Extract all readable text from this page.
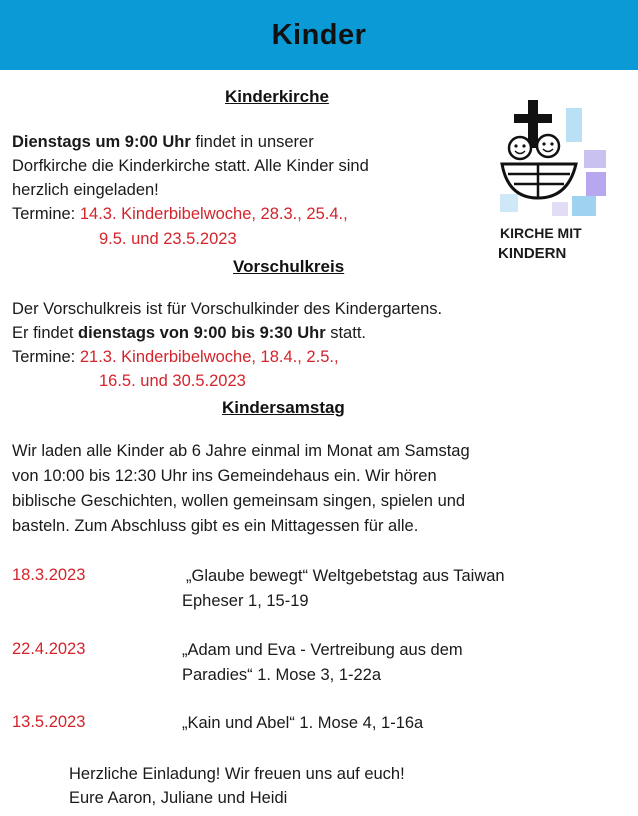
Kinder
Kinderkirche
Dienstags um 9:00 Uhr findet in unserer
Dorfkirche die Kinderkirche statt. Alle Kinder sind
herzlich eingeladen!
Termine: 14.3. Kinderbibelwoche, 28.3., 25.4.,
9.5. und 23.5.2023	KIRCHE MIT
KINDERN
Vorschulkreis
Der Vorschulkreis ist für Vorschulkinder des Kindergartens.
Er findet dienstags von 9:00 bis 9:30 Uhr statt.
Termine: 21.3. Kinderbibelwoche, 18.4., 2.5.,
16.5. und 30.5.2023
Kindersamstag
Wir laden alle Kinder ab 6 Jahre einmal im Monat am Samstag
von 10:00 bis 12:30 Uhr ins Gemeindehaus ein. Wir hören
biblische Geschichten, wollen gemeinsam singen, spielen und
basteln. Zum Abschluss gibt es ein Mittagessen für alle.
18.3.2023	„Glaube bewegt“ Weltgebetstag aus Taiwan
Epheser 1, 15-19
22.4.2023	„Adam und Eva - Vertreibung aus dem
Paradies“ 1. Mose 3, 1-22a
13.5.2023	„Kain und Abel“ 1. Mose 4, 1-16a
Herzliche Einladung! Wir freuen uns auf euch!
Eure Aaron, Juliane und Heidi
